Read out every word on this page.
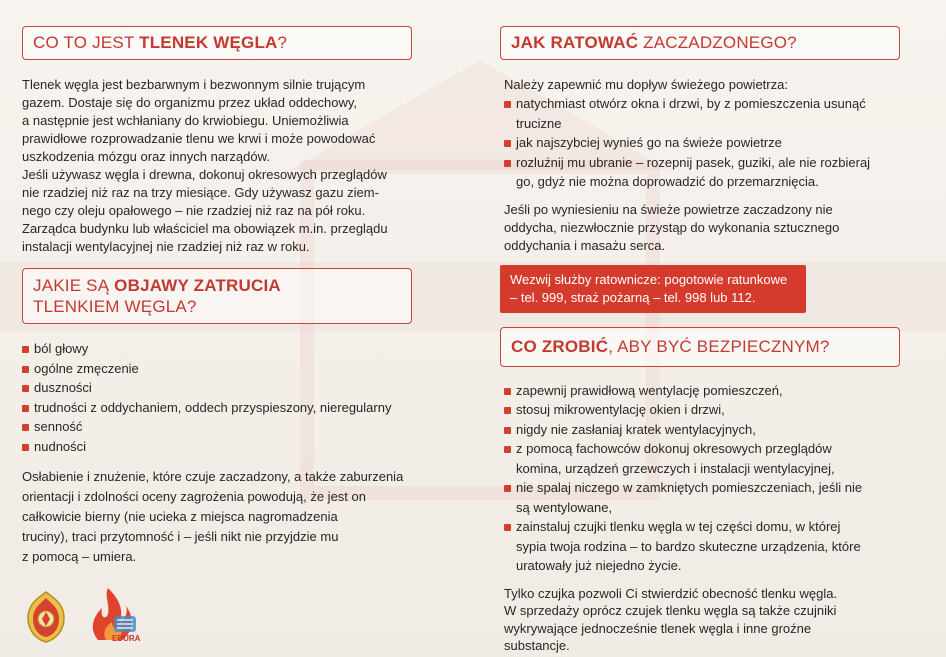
CO TO JEST TLENEK WĘGLA?
Tlenek węgla jest bezbarwnym i bezwonnym silnie trującym
gazem. Dostaje się do organizmu przez układ oddechowy,
a następnie jest wchłaniany do krwiobiegu. Uniemożliwia
prawidłowe rozprowadzanie tlenu we krwi i może powodować
uszkodzenia mózgu oraz innych narządów.
Jeśli używasz węgla i drewna, dokonuj okresowych przeglądów
nie rzadziej niż raz na trzy miesiące. Gdy używasz gazu ziem-
nego czy oleju opałowego – nie rzadziej niż raz na pół roku.
Zarządca budynku lub właściciel ma obowiązek m.in. przeglądu
instalacji wentylacyjnej nie rzadziej niż raz w roku.
JAKIE SĄ OBJAWY ZATRUCIA
TLENKIEM WĘGLA?
ból głowy
ogólne zmęczenie
duszności
trudności z oddychaniem, oddech przyspieszony, nieregularny
senność
nudności
Osłabienie i znużenie, które czuje zaczadzony, a także zaburzenia
orientacji i zdolności oceny zagrożenia powodują, że jest on
całkowicie bierny (nie ucieka z miejsca nagromadzenia
truciny), traci przytomność i – jeśli nikt nie przyjdzie mu
z pomocą – umiera.
JAK RATOWAĆ ZACZADZONEGO?
Należy zapewnić mu dopływ świeżego powietrza:
natychmiast otwórz okna i drzwi, by z pomieszczenia usunąć
trucizne
jak najszybciej wynieś go na świeże powietrze
rozluźnij mu ubranie – rozepnij pasek, guziki, ale nie rozbieraj
go, gdyż nie można doprowadzić do przemarznięcia.
Jeśli po wyniesieniu na świeże powietrze zaczadzony nie
oddycha, niezwłocznie przystąp do wykonania sztucznego
oddychania i masażu serca.
Wezwij służby ratownicze: pogotowie ratunkowe
– tel. 999, straż pożarną – tel. 998 lub 112.
CO ZROBIĆ, ABY BYĆ BEZPIECZNYM?
zapewnij prawidłową wentylację pomieszczeń,
stosuj mikrowentylację okien i drzwi,
nigdy nie zasłaniaj kratek wentylacyjnych,
z pomocą fachowców dokonuj okresowych przeglądów
komina, urządzeń grzewczych i instalacji wentylacyjnej,
nie spalaj niczego w zamkniętych pomieszczeniach, jeśli nie
są wentylowane,
zainstaluj czujki tlenku węgla w tej części domu, w której
sypia twoja rodzina – to bardzo skuteczne urządzenia, które
uratowały już niejedno życie.
Tylko czujka pozwoli Ci stwierdzić obecność tlenku węgla.
W sprzedaży oprócz czujek tlenku węgla są także czujniki
wykrywające jednocześnie tlenek węgla i inne groźne
substancje.
EDURA
